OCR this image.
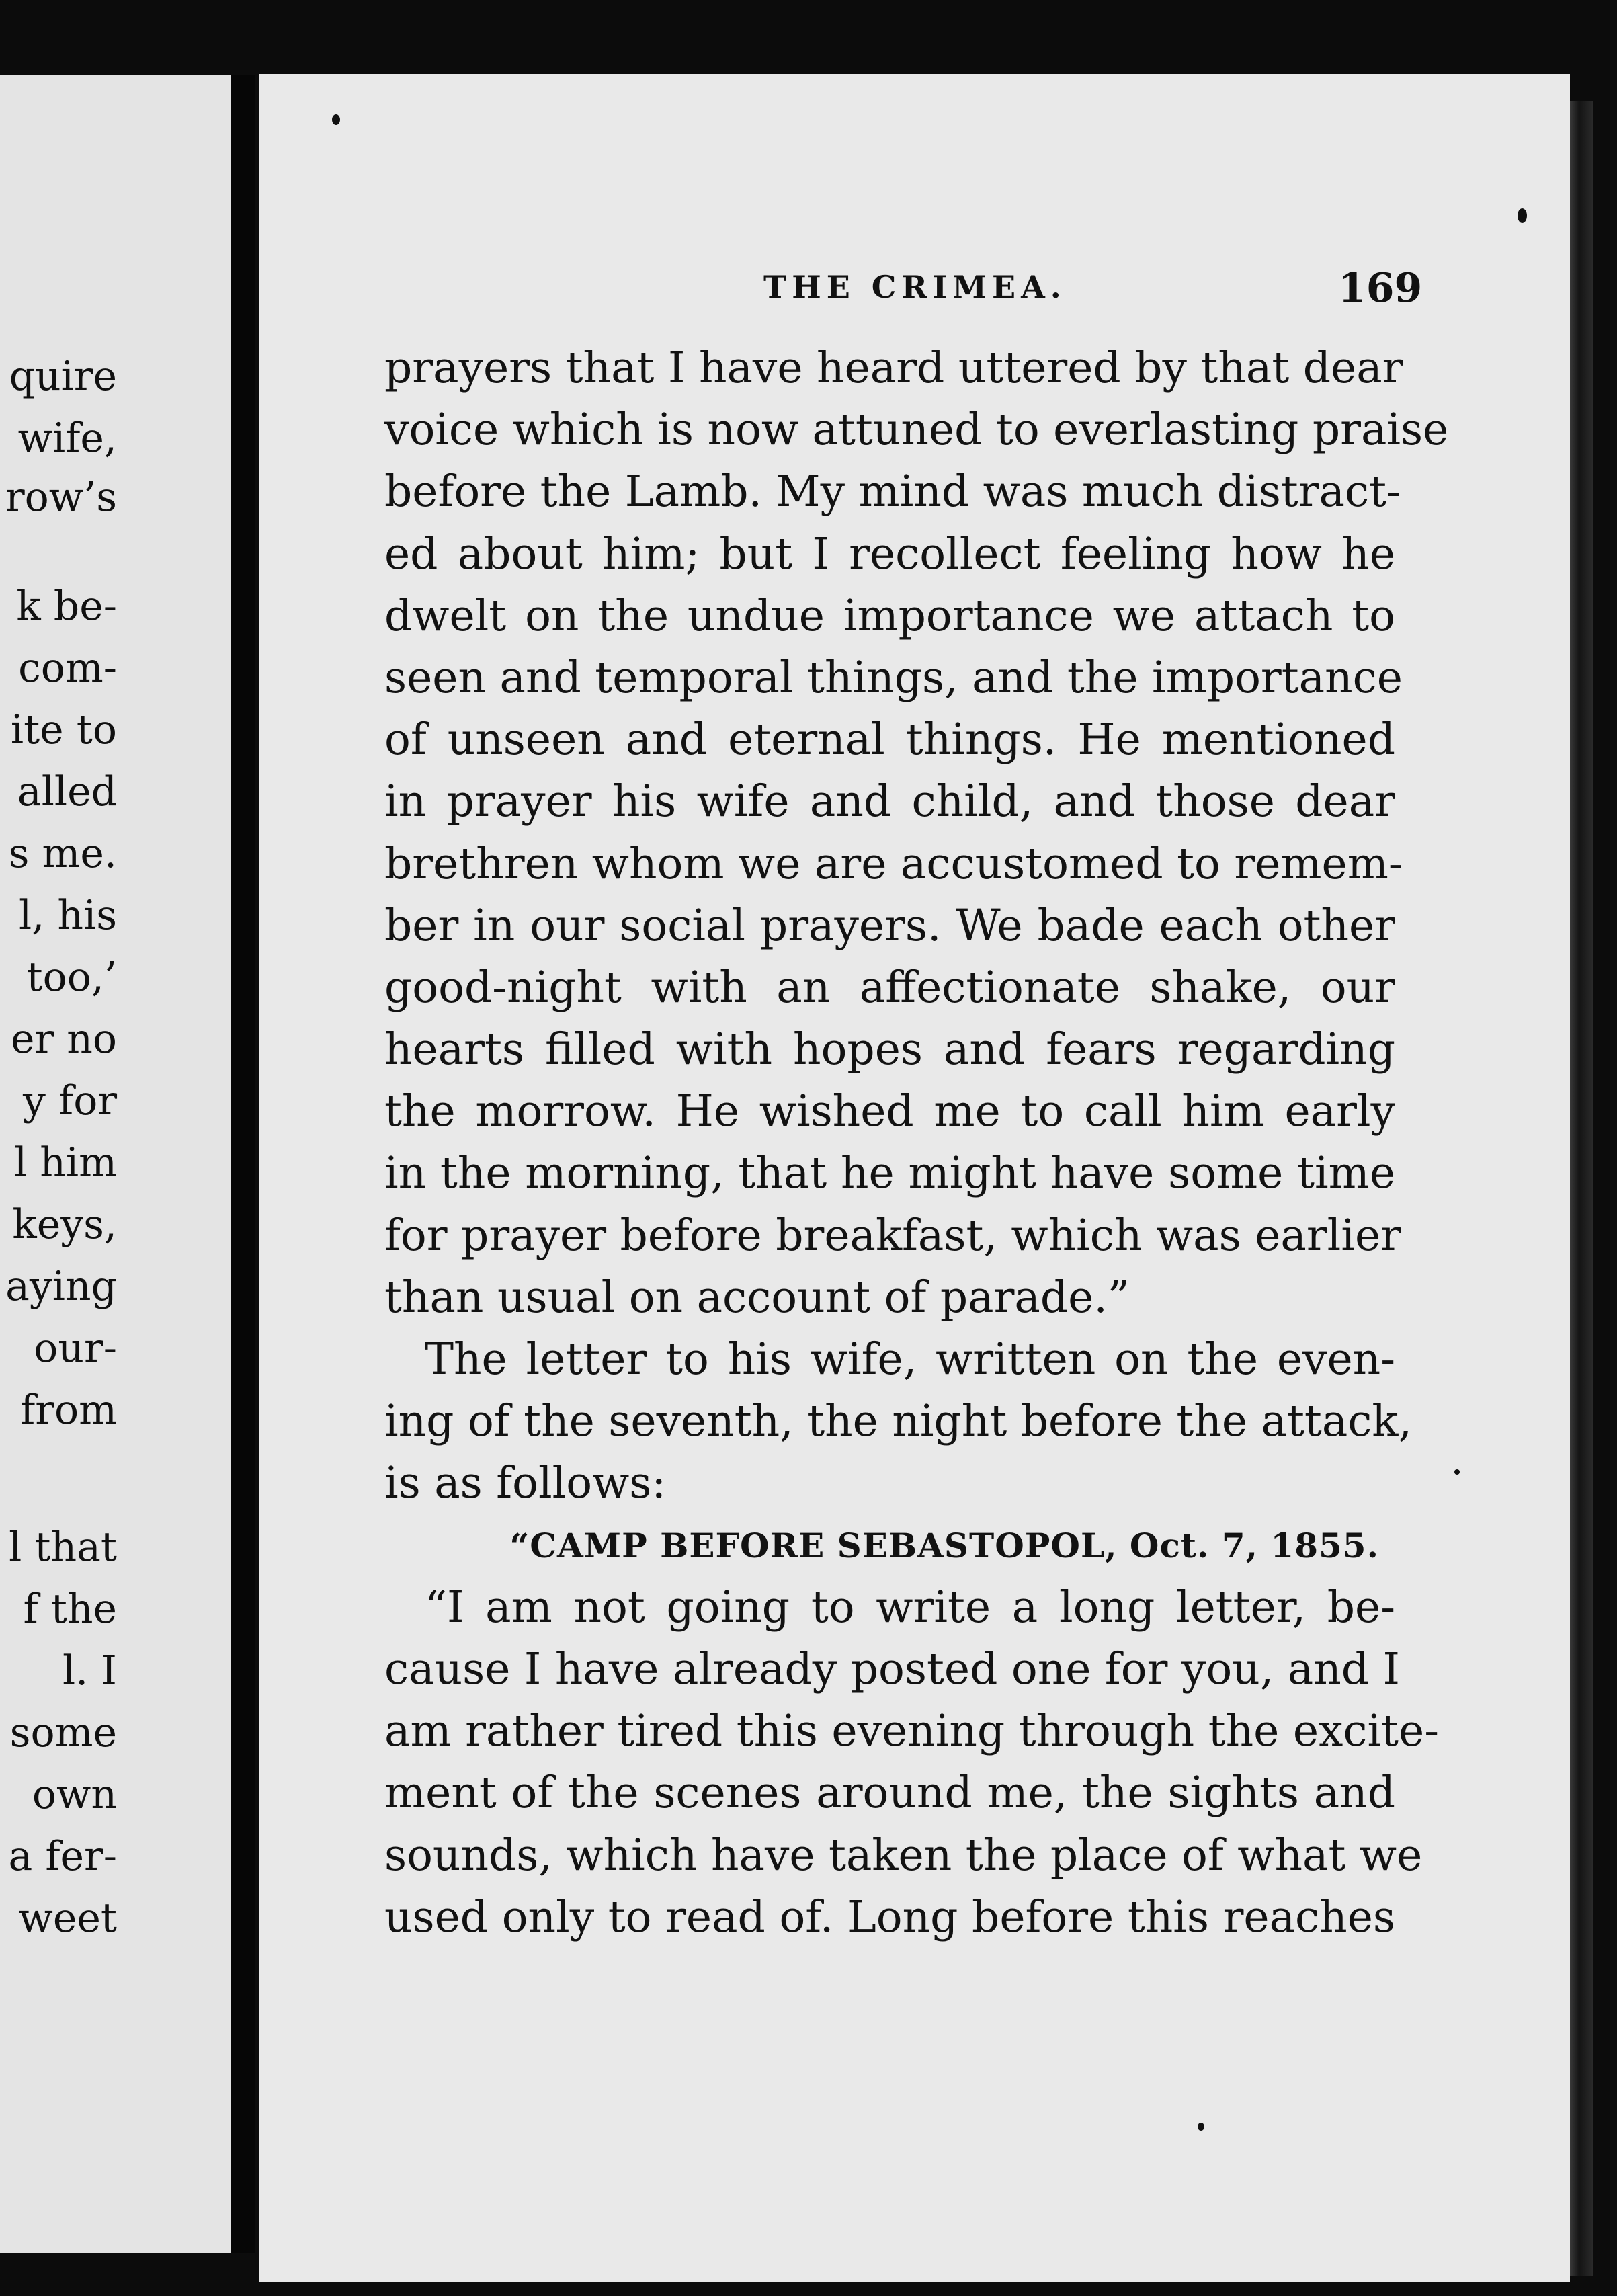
quire
wife,
row’s
k be-
com-
ite to
alled
s me.
l, his
too,’
er no
y for
l him
keys,
aying
our-
from
l that
f the
l. I
some
own
a fer-
weet
THE CRIMEA.	169
prayers that I have heard uttered by that dear
voice which is now attuned to everlasting praise
before the Lamb. My mind was much distract-
ed about him; but I recollect feeling how he
dwelt on the undue importance we attach to
seen and temporal things, and the importance
of unseen and eternal things. He mentioned
in prayer his wife and child, and those dear
brethren whom we are accustomed to remem-
ber in our social prayers. We bade each other
good-night with an affectionate shake, our
hearts filled with hopes and fears regarding
the morrow. He wished me to call him early
in the morning, that he might have some time
for prayer before breakfast, which was earlier
than usual on account of parade.”
The letter to his wife, written on the even-
ing of the seventh, the night before the attack,
is as follows:
“CAMP BEFORE SEBASTOPOL, Oct. 7, 1855.
“I am not going to write a long letter, be-
cause I have already posted one for you, and I
am rather tired this evening through the excite-
ment of the scenes around me, the sights and
sounds, which have taken the place of what we
used only to read of. Long before this reaches
